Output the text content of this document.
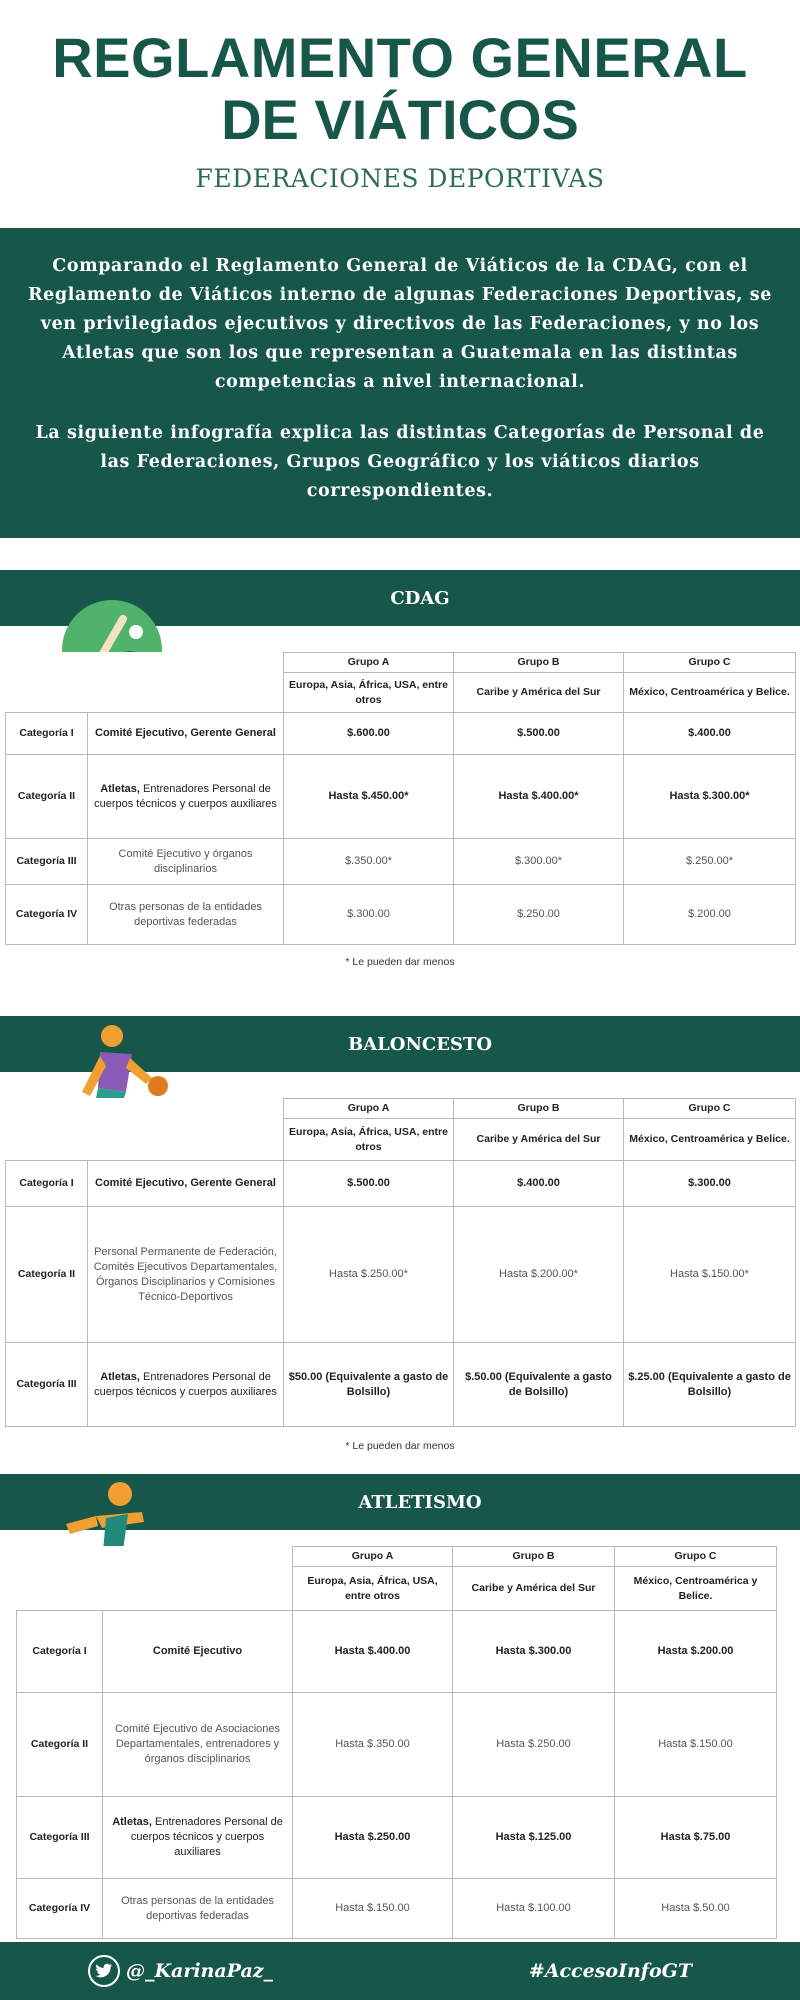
REGLAMENTO GENERAL
DE VIÁTICOS
FEDERACIONES DEPORTIVAS

Comparando el Reglamento General de Viáticos de la CDAG, con el Reglamento de Viáticos interno de algunas Federaciones Deportivas, se ven privilegiados ejecutivos y directivos de las Federaciones, y no los Atletas que son los que representan a Guatemala en las distintas competencias a nivel internacional.

La siguiente infografía explica las distintas Categorías de Personal de las Federaciones, Grupos Geográfico y los viáticos diarios correspondientes.

CDAG
		Grupo A	Grupo B	Grupo C
		Europa, Asia, África, USA, entre otros	Caribe y América del Sur	México, Centroamérica y Belice.
Categoría I	Comité Ejecutivo, Gerente General	$.600.00	$.500.00	$.400.00
Categoría II	Atletas, Entrenadores Personal de cuerpos técnicos y cuerpos auxiliares	Hasta $.450.00*	Hasta $.400.00*	Hasta $.300.00*
Categoría III	Comité Ejecutivo y órganos disciplinarios	$.350.00*	$.300.00*	$.250.00*
Categoría IV	Otras personas de la entidades deportivas federadas	$.300.00	$.250.00	$.200.00
* Le pueden dar menos
BALONCESTO
		Grupo A	Grupo B	Grupo C
		Europa, Asia, África, USA, entre otros	Caribe y América del Sur	México, Centroamérica y Belice.
Categoría I	Comité Ejecutivo, Gerente General	$.500.00	$.400.00	$.300.00
Categoría II	Personal Permanente de Federación, Comités Ejecutivos Departamentales, Órganos Disciplinarios y Comisiones Técnico-Deportivos	Hasta $.250.00*	Hasta $.200.00*	Hasta $.150.00*
Categoría III	Atletas, Entrenadores Personal de cuerpos técnicos y cuerpos auxiliares	$50.00 (Equivalente a gasto de Bolsillo)	$.50.00 (Equivalente a gasto de Bolsillo)	$.25.00 (Equivalente a gasto de Bolsillo)
* Le pueden dar menos
ATLETISMO
		Grupo A	Grupo B	Grupo C
		Europa, Asia, África, USA, entre otros	Caribe y América del Sur	México, Centroamérica y Belice.
Categoría I	Comité Ejecutivo	Hasta $.400.00	Hasta $.300.00	Hasta $.200.00
Categoría II	Comité Ejecutivo de Asociaciones Departamentales, entrenadores y órganos disciplinarios	Hasta $.350.00	Hasta $.250.00	Hasta $.150.00
Categoría III	Atletas, Entrenadores Personal de cuerpos técnicos y cuerpos auxiliares	Hasta $.250.00	Hasta $.125.00	Hasta $.75.00
Categoría IV	Otras personas de la entidades deportivas federadas	Hasta $.150.00	Hasta $.100.00	Hasta $.50.00
@_KarinaPaz_	#AccesoInfoGT
